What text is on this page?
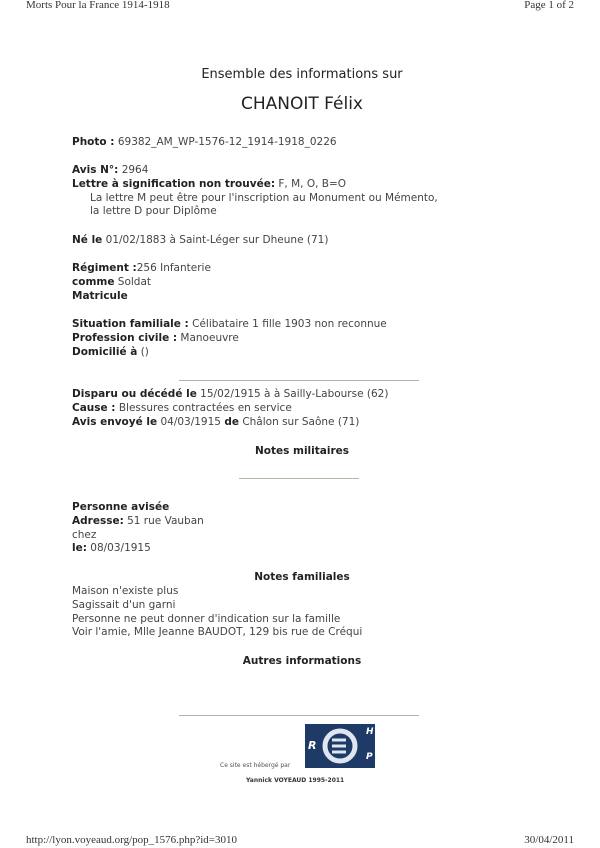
Morts Pour la France 1914-1918	Page 1 of 2
Ensemble des informations sur
CHANOIT Félix

Photo : 69382_AM_WP-1576-12_1914-1918_0226

Avis N°: 2964

Lettre à signification non trouvée: F, M, O, B=O

La lettre M peut être pour l'inscription au Monument ou Mémento,

la lettre D pour Diplôme

Né le 01/02/1883 à Saint-Léger sur Dheune (71)

Régiment :256 Infanterie

comme Soldat

Matricule

Situation familiale : Célibataire 1 fille 1903 non reconnue

Profession civile : Manoeuvre

Domicilié à ()

Disparu ou décédé le 15/02/1915 à à Sailly-Labourse (62)

Cause : Blessures contractées en service

Avis envoyé le 04/03/1915 de Châlon sur Saône (71)

Notes militaires

Personne avisée

Adresse: 51 rue Vauban

chez

le: 08/03/1915

Notes familiales

Maison n'existe plus

Sagissait d'un garni

Personne ne peut donner d'indication sur la famille

Voir l'amie, Mlle Jeanne BAUDOT, 129 bis rue de Créqui

Autres informations
Ce site est hébergé par
R
H
P
Yannick VOYEAUD 1995-2011
http://lyon.voyeaud.org/pop_1576.php?id=3010	30/04/2011
